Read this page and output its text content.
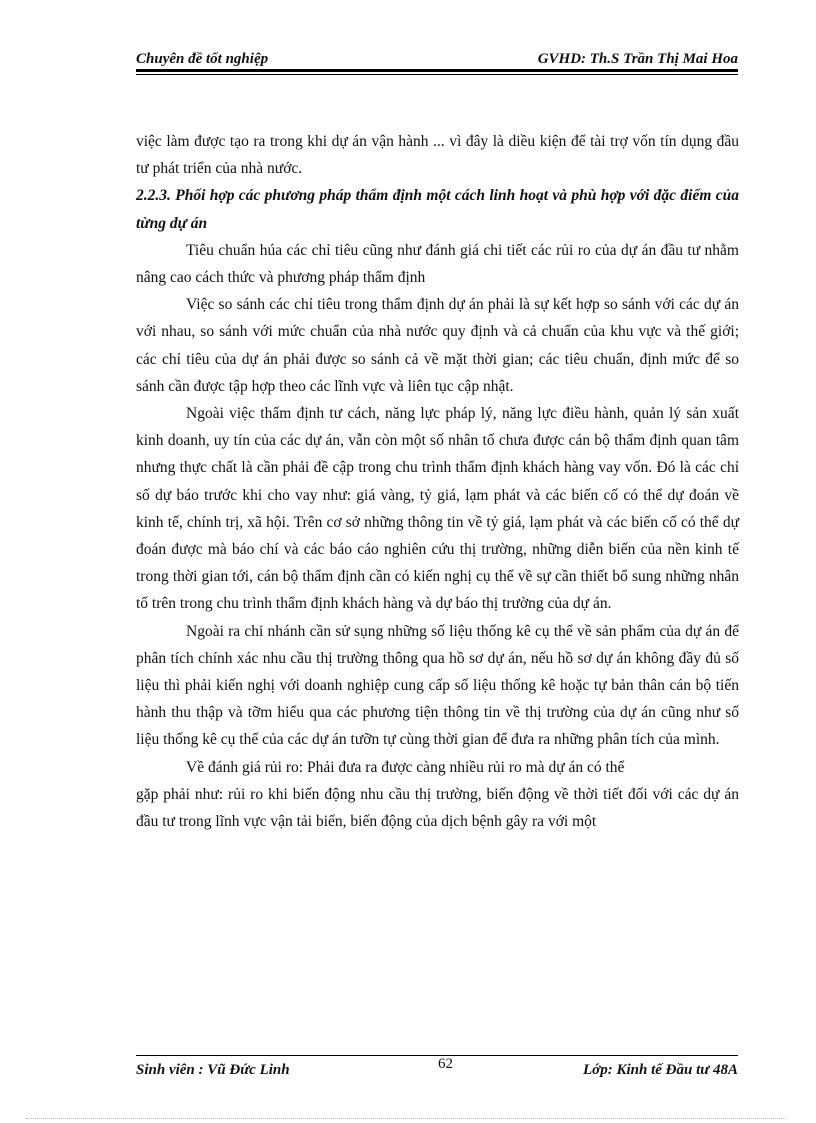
Chuyên đề tốt nghiệp	GVHD: Th.S Trần Thị Mai Hoa

việc làm được tạo ra trong khi dự án vận hành ... vì đây là diều kiện để tài trợ vốn tín dụng đầu tư phát triển của nhà nước.

2.2.3. Phối hợp các phương pháp thẩm định một cách linh hoạt và phù hợp với đặc điểm của từng dự án

Tiêu chuẩn húa các chỉ tiêu cũng như đánh giá chi tiết các rủi ro của dự án đầu tư nhằm nâng cao cách thức và phương pháp thẩm định

Việc so sánh các chỉ tiêu trong thẩm định dự án phải là sự kết hợp so sánh với các dự án với nhau, so sánh với mức chuẩn của nhà nước quy định và cả chuẩn của khu vực và thế giới; các chỉ tiêu của dự án phải được so sánh cả về mặt thời gian; các tiêu chuẩn, định mức để so sánh cần được tập hợp theo các lĩnh vực và liên tục cập nhật.

Ngoài việc thẩm định tư cách, năng lực pháp lý, năng lực điều hành, quản lý sản xuất kinh doanh, uy tín của các dự án, vẫn còn một số nhân tố chưa được cán bộ thẩm định quan tâm nhưng thực chất là cần phải đề cập trong chu trình thẩm định khách hàng vay vốn. Đó là các chỉ số dự báo trước khi cho vay như: giá vàng, tỷ giá, lạm phát và các biến cố có thể dự đoán về kinh tế, chính trị, xã hội. Trên cơ sở những thông tin về tỷ giá, lạm phát và các biến cố có thể dự đoán được mà báo chí và các báo cáo nghiên cứu thị trường, những diễn biến của nền kinh tế trong thời gian tới, cán bộ thẩm định cần có kiến nghị cụ thể về sự cần thiết bổ sung những nhân tố trên trong chu trình thẩm định khách hàng và dự báo thị trường của dự án.

Ngoài ra chi nhánh cần sử sụng những số liệu thống kê cụ thể về sản phẩm của dự án để phân tích chính xác nhu cầu thị trường thông qua hồ sơ dự án, nếu hồ sơ dự án không đầy đủ số liệu thì phải kiến nghị với doanh nghiệp cung cấp số liệu thống kê hoặc tự bản thân cán bộ tiến hành thu thập và tỡm hiểu qua các phương tiện thông tin về thị trường của dự án cũng như số liệu thống kê cụ thể của các dự án tưỡn tự cùng thời gian để đưa ra những phân tích của mình.

Về đánh giá rủi ro: Phải đưa ra được càng nhiều rủi ro mà dự án có thể

gặp phải như: rủi ro khi biến động nhu cầu thị trường, biến động về thời tiết đối với các dự án đầu tư trong lĩnh vực vận tải biển, biến động của dịch bệnh gây ra với một

Sinh viên : Vũ Đức Linh	62	Lớp: Kinh tế Đầu tư 48A
